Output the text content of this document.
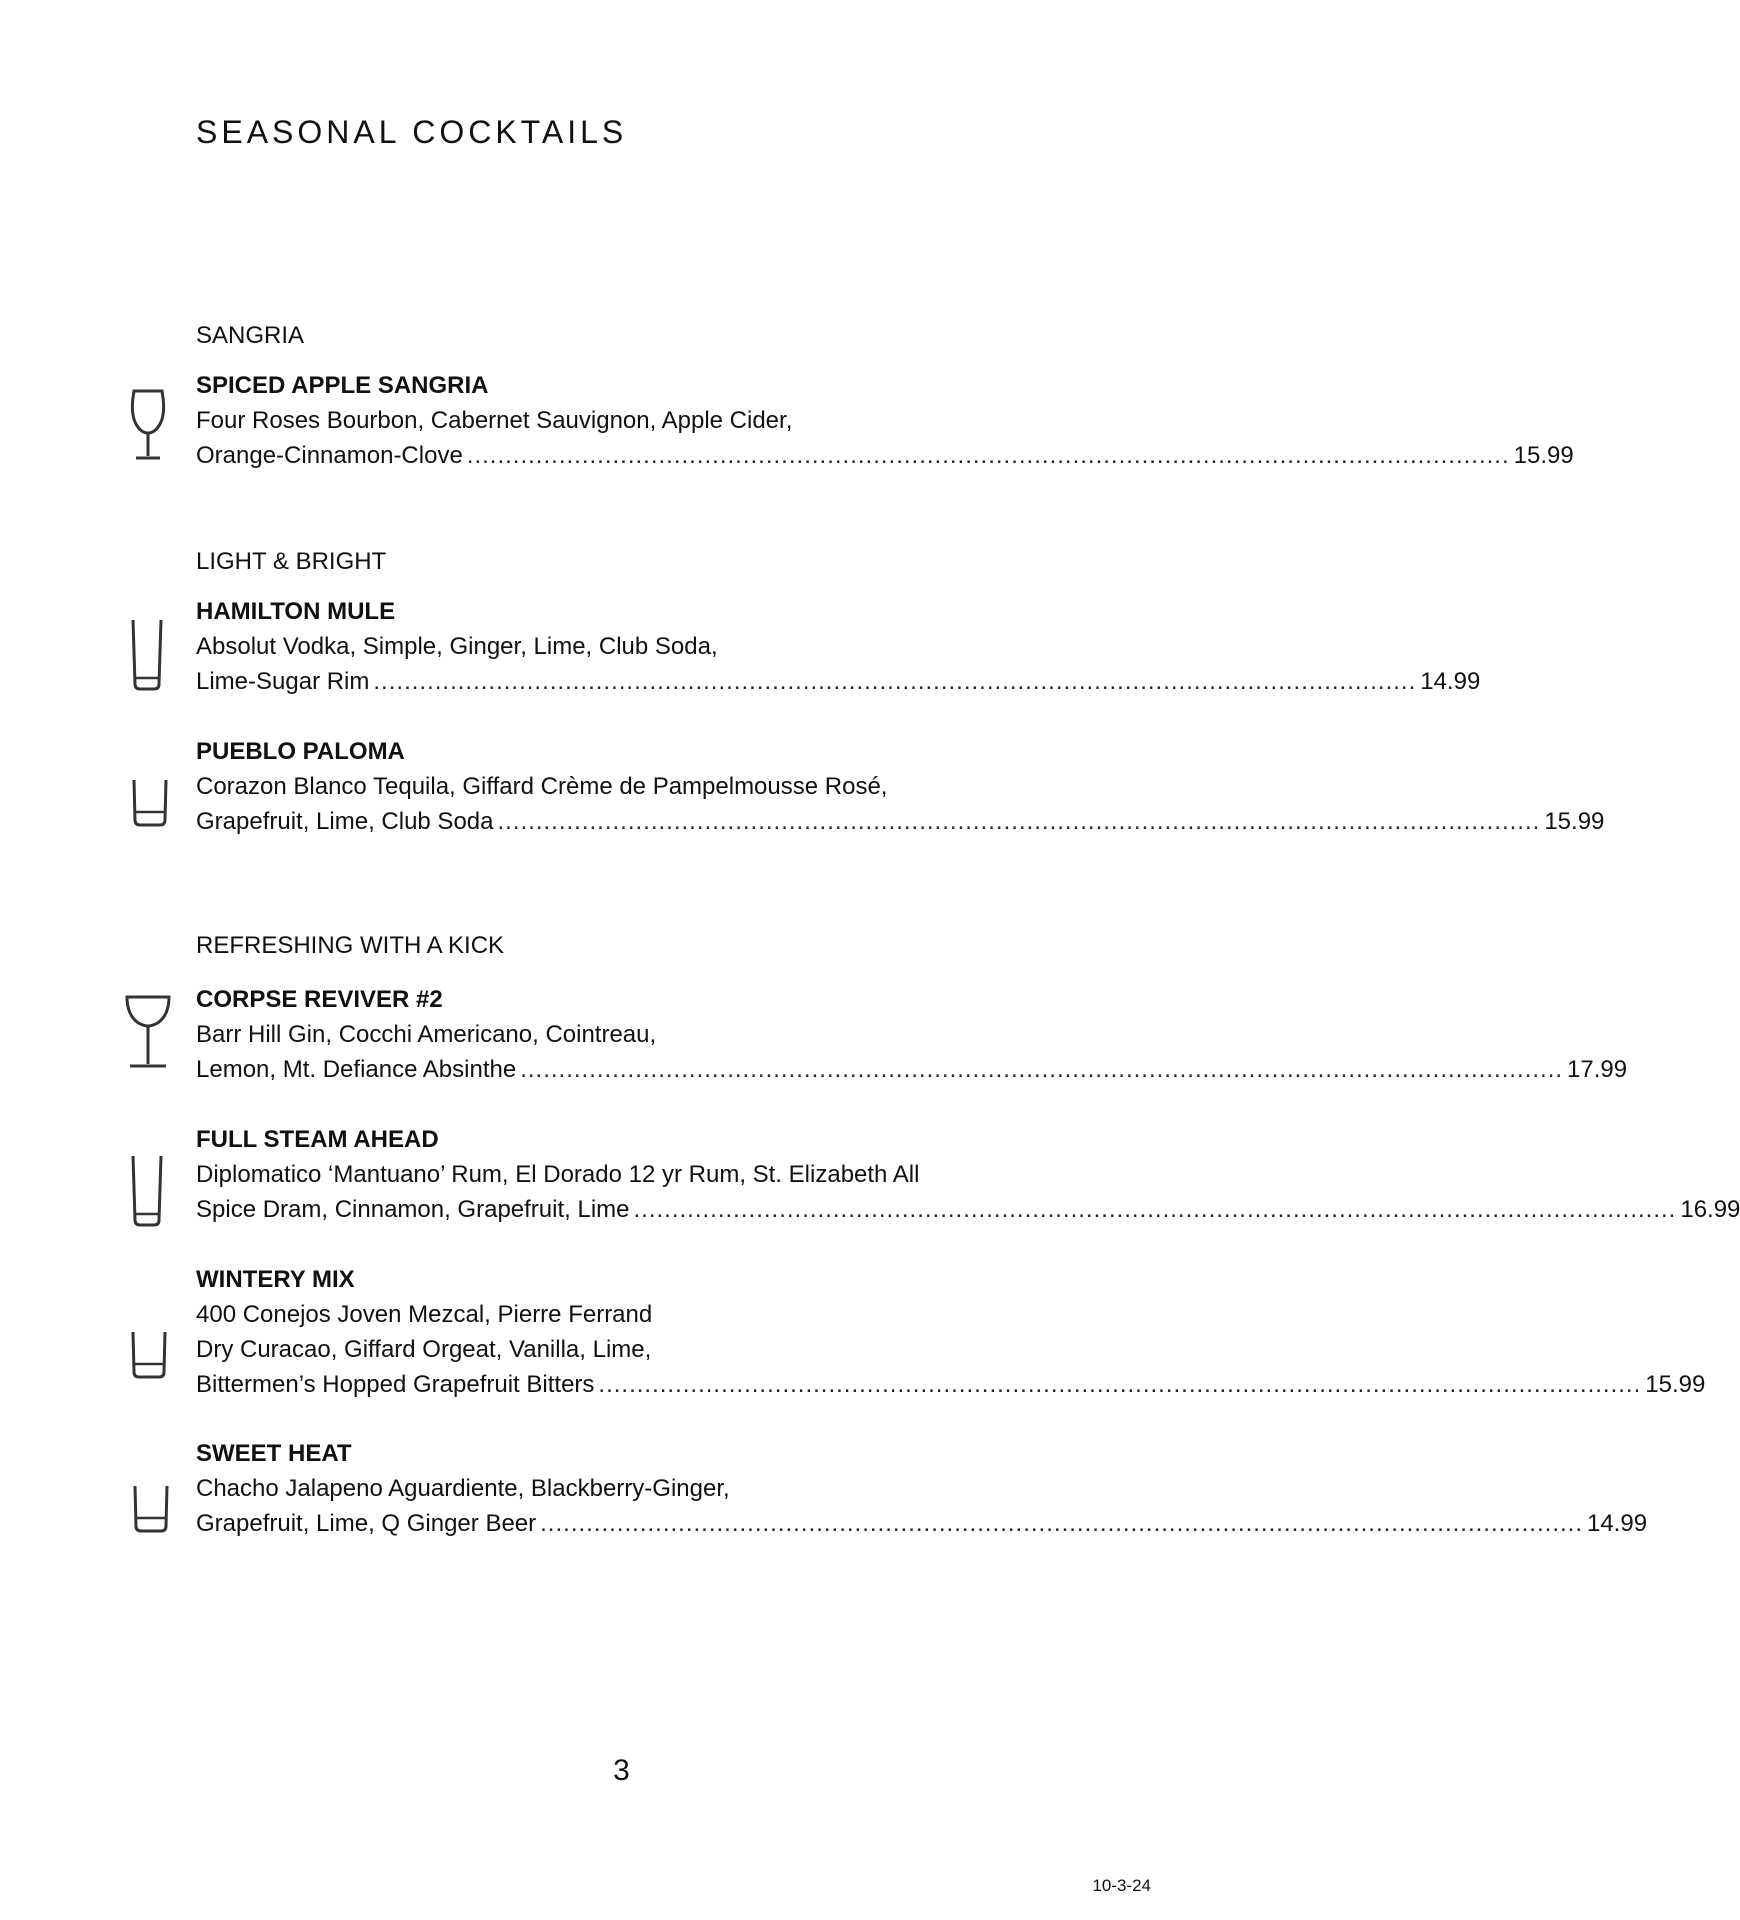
SEASONAL COCKTAILS
SANGRIA
SPICED APPLE SANGRIA
Four Roses Bourbon, Cabernet Sauvignon, Apple Cider,
Orange-Cinnamon-Clove ........................................................................................................................................ 15.99
LIGHT & BRIGHT
HAMILTON MULE
Absolut Vodka, Simple, Ginger, Lime, Club Soda,
Lime-Sugar Rim ........................................................................................................................................ 14.99
PUEBLO PALOMA
Corazon Blanco Tequila, Giffard Crème de Pampelmousse Rosé,
Grapefruit, Lime, Club Soda ........................................................................................................................................ 15.99
REFRESHING WITH A KICK
CORPSE REVIVER #2
Barr Hill Gin, Cocchi Americano, Cointreau,
Lemon, Mt. Defiance Absinthe ........................................................................................................................................ 17.99
FULL STEAM AHEAD
Diplomatico ‘Mantuano’ Rum, El Dorado 12 yr Rum, St. Elizabeth All
Spice Dram, Cinnamon, Grapefruit, Lime ........................................................................................................................................ 16.99
WINTERY MIX
400 Conejos Joven Mezcal, Pierre Ferrand
Dry Curacao, Giffard Orgeat, Vanilla, Lime,
Bittermen’s Hopped Grapefruit Bitters ........................................................................................................................................ 15.99
SWEET HEAT
Chacho Jalapeno Aguardiente, Blackberry-Ginger,
Grapefruit, Lime, Q Ginger Beer ........................................................................................................................................ 14.99
3
10-3-24
